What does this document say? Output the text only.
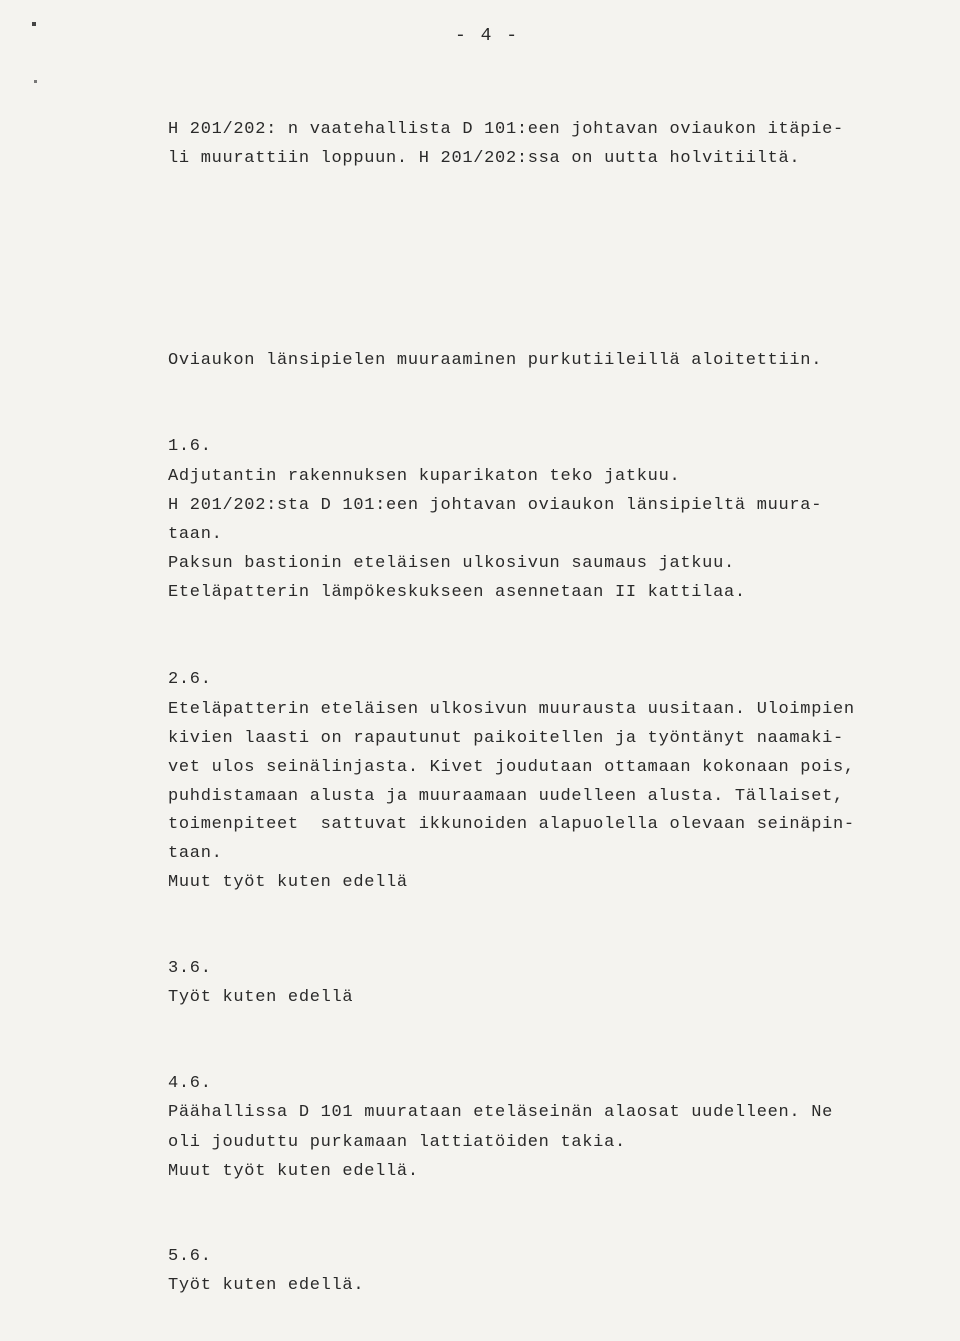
- 4 -
H 201/202: n vaatehallista D 101:een johtavan oviaukon itäpie-
li muurattiin loppuun. H 201/202:ssa on uutta holvitiiltä.
Oviaukon länsipielen muuraaminen purkutiileillä aloitettiin.
1.6.
Adjutantin rakennuksen kuparikaton teko jatkuu.
H 201/202:sta D 101:een johtavan oviaukon länsipieltä muura-
taan.
Paksun bastionin eteläisen ulkosivun saumaus jatkuu.
Eteläpatterin lämpökeskukseen asennetaan II kattilaa.
2.6.
Eteläpatterin eteläisen ulkosivun muurausta uusitaan. Uloimpien
kivien laasti on rapautunut paikoitellen ja työntänyt naamaki-
vet ulos seinälinjasta. Kivet joudutaan ottamaan kokonaan pois,
puhdistamaan alusta ja muuraamaan uudelleen alusta. Tällaiset,
toimenpiteet  sattuvat ikkunoiden alapuolella olevaan seinäpin-
taan.
Muut työt kuten edellä
3.6.
Työt kuten edellä
4.6.
Päähallissa D 101 muurataan eteläseinän alaosat uudelleen. Ne
oli jouduttu purkamaan lattiatöiden takia.
Muut työt kuten edellä.
5.6.
Työt kuten edellä.
